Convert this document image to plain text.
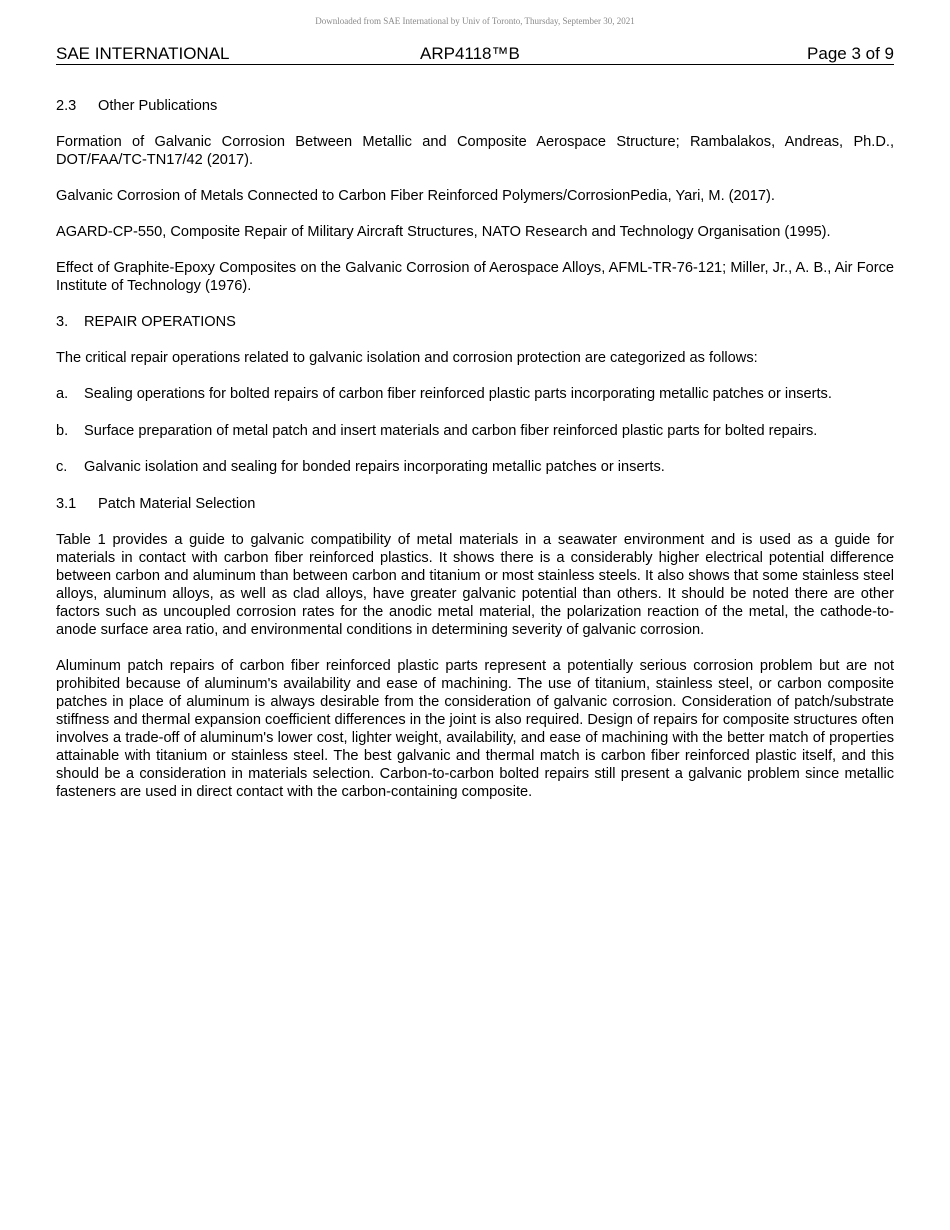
Downloaded from SAE International by Univ of Toronto, Thursday, September 30, 2021
SAE INTERNATIONAL	ARP4118™B	Page 3 of 9

2.3 Other Publications

Formation of Galvanic Corrosion Between Metallic and Composite Aerospace Structure; Rambalakos, Andreas, Ph.D., DOT/FAA/TC-TN17/42 (2017).

Galvanic Corrosion of Metals Connected to Carbon Fiber Reinforced Polymers/CorrosionPedia, Yari, M. (2017).

AGARD-CP-550, Composite Repair of Military Aircraft Structures, NATO Research and Technology Organisation (1995).

Effect of Graphite-Epoxy Composites on the Galvanic Corrosion of Aerospace Alloys, AFML-TR-76-121; Miller, Jr., A. B., Air Force Institute of Technology (1976).

3. REPAIR OPERATIONS

The critical repair operations related to galvanic isolation and corrosion protection are categorized as follows:

a. Sealing operations for bolted repairs of carbon fiber reinforced plastic parts incorporating metallic patches or inserts.

b. Surface preparation of metal patch and insert materials and carbon fiber reinforced plastic parts for bolted repairs.

c. Galvanic isolation and sealing for bonded repairs incorporating metallic patches or inserts.

3.1 Patch Material Selection

Table 1 provides a guide to galvanic compatibility of metal materials in a seawater environment and is used as a guide for materials in contact with carbon fiber reinforced plastics. It shows there is a considerably higher electrical potential difference between carbon and aluminum than between carbon and titanium or most stainless steels. It also shows that some stainless steel alloys, aluminum alloys, as well as clad alloys, have greater galvanic potential than others. It should be noted there are other factors such as uncoupled corrosion rates for the anodic metal material, the polarization reaction of the metal, the cathode-to-anode surface area ratio, and environmental conditions in determining severity of galvanic corrosion.

Aluminum patch repairs of carbon fiber reinforced plastic parts represent a potentially serious corrosion problem but are not prohibited because of aluminum's availability and ease of machining. The use of titanium, stainless steel, or carbon composite patches in place of aluminum is always desirable from the consideration of galvanic corrosion. Consideration of patch/substrate stiffness and thermal expansion coefficient differences in the joint is also required. Design of repairs for composite structures often involves a trade-off of aluminum's lower cost, lighter weight, availability, and ease of machining with the better match of properties attainable with titanium or stainless steel. The best galvanic and thermal match is carbon fiber reinforced plastic itself, and this should be a consideration in materials selection. Carbon-to-carbon bolted repairs still present a galvanic problem since metallic fasteners are used in direct contact with the carbon-containing composite.
